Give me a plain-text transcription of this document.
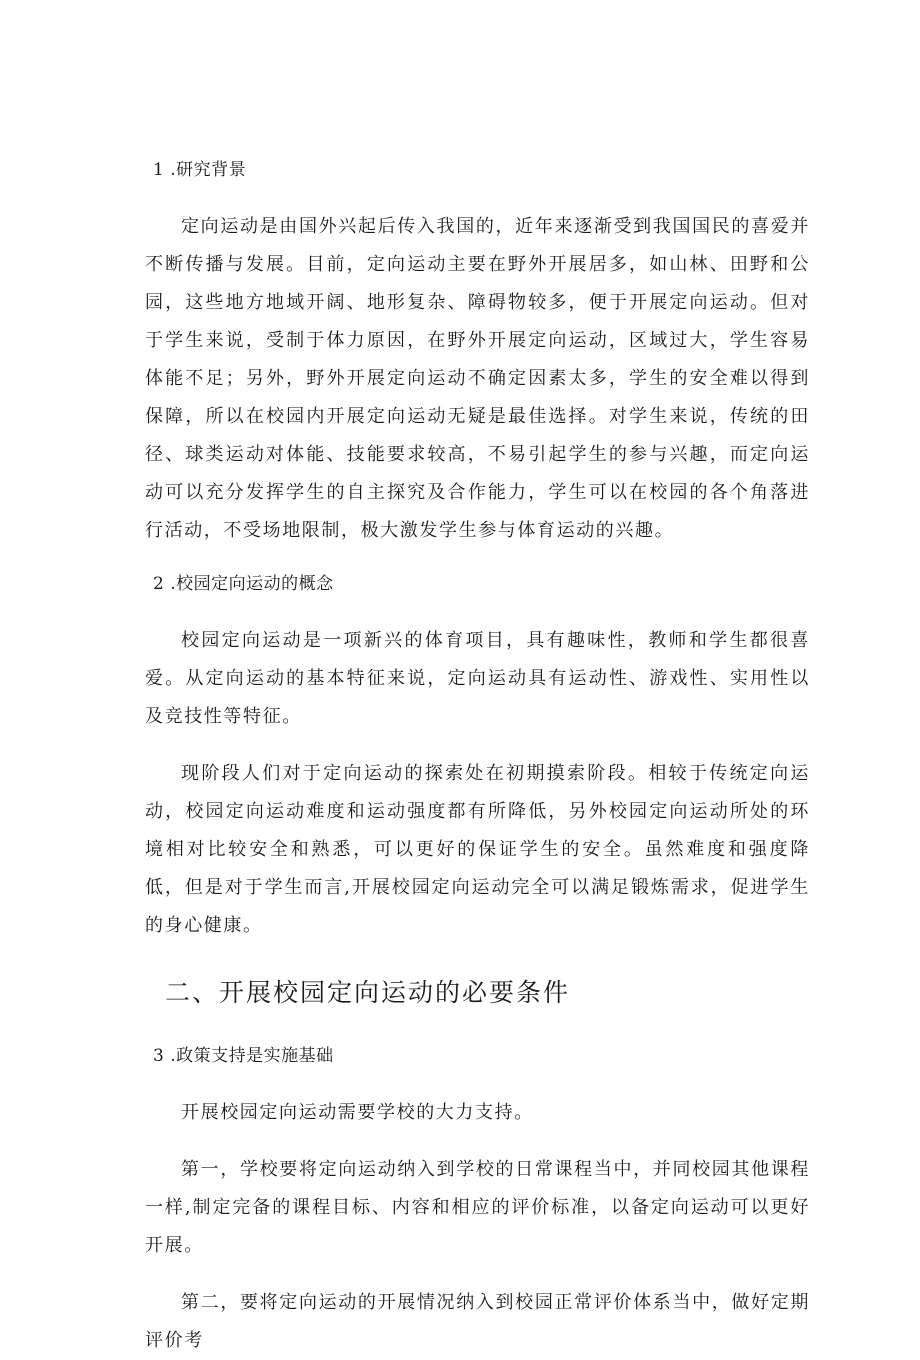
1 .研究背景

定向运动是由国外兴起后传入我国的，近年来逐渐受到我国国民的喜爱并不断传播与发展。目前，定向运动主要在野外开展居多，如山林、田野和公园，这些地方地域开阔、地形复杂、障碍物较多，便于开展定向运动。但对于学生来说，受制于体力原因，在野外开展定向运动，区域过大，学生容易体能不足；另外，野外开展定向运动不确定因素太多，学生的安全难以得到保障，所以在校园内开展定向运动无疑是最佳选择。对学生来说，传统的田径、球类运动对体能、技能要求较高，不易引起学生的参与兴趣，而定向运动可以充分发挥学生的自主探究及合作能力，学生可以在校园的各个角落进行活动，不受场地限制，极大激发学生参与体育运动的兴趣。

2 .校园定向运动的概念

校园定向运动是一项新兴的体育项目，具有趣味性，教师和学生都很喜爱。从定向运动的基本特征来说，定向运动具有运动性、游戏性、实用性以及竞技性等特征。

现阶段人们对于定向运动的探索处在初期摸索阶段。相较于传统定向运动，校园定向运动难度和运动强度都有所降低，另外校园定向运动所处的环境相对比较安全和熟悉，可以更好的保证学生的安全。虽然难度和强度降低，但是对于学生而言,开展校园定向运动完全可以满足锻炼需求，促进学生的身心健康。

二、开展校园定向运动的必要条件
3 .政策支持是实施基础

开展校园定向运动需要学校的大力支持。

第一，学校要将定向运动纳入到学校的日常课程当中，并同校园其他课程一样,制定完备的课程目标、内容和相应的评价标准，以备定向运动可以更好开展。

第二，要将定向运动的开展情况纳入到校园正常评价体系当中，做好定期评价考
